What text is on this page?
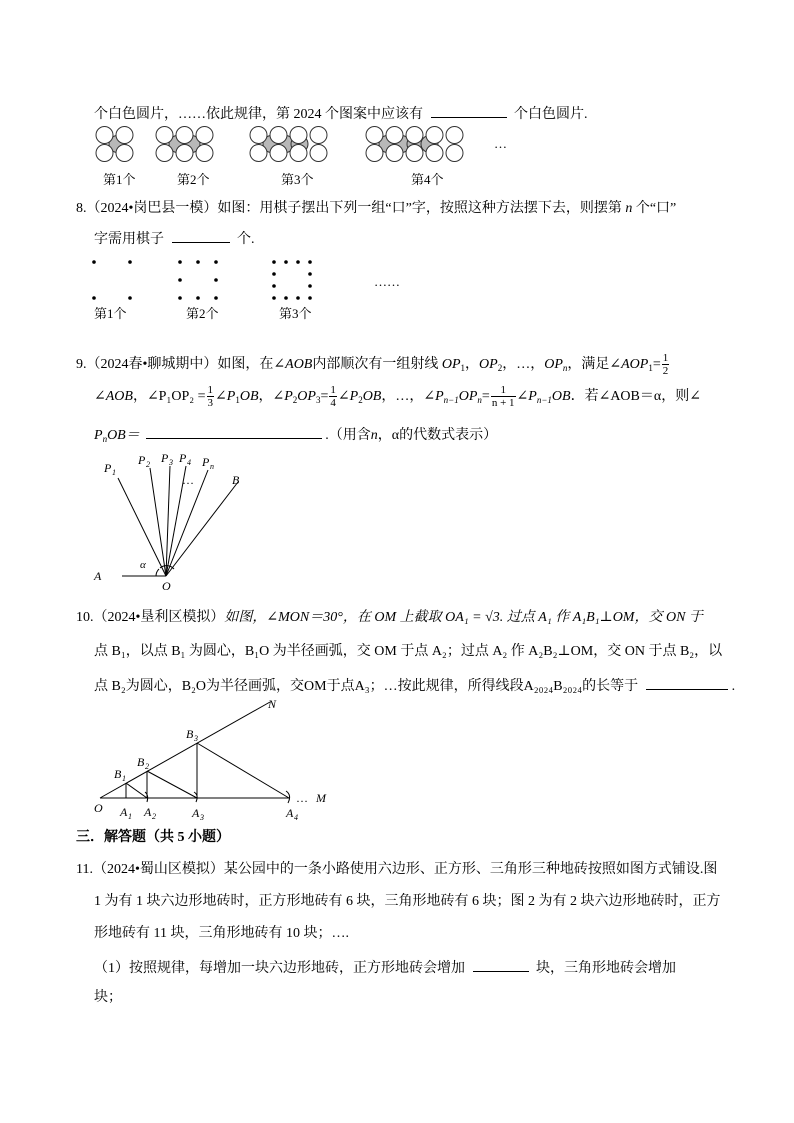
个白色圆片，……依此规律，第 2024 个图案中应该有	个白色圆片.
…
第1个	第2个	第3个	第4个
8.（2024•岗巴县一模）如图：用棋子摆出下列一组“口”字，按照这种方法摆下去，则摆第 n 个“口”
字需用棋子	个.
……
第1个	第2个	第3个
9.（2024春•聊城期中）如图，在∠AOB内部顺次有一组射线 $OP_1$，$OP_2$，…，$OP_n$，满足$\angle AOP_1= \frac{1}{2}$
∠AOB，∠P₁OP₂ = $\frac{1}{3}$ $\angle P_1OB$，$\angle P_2OP_3= \frac{1}{4}$ $\angle P_2OB$，…，$\angle P_{n-1}OP_n= \frac{1}{n + 1}$ $\angle P_{n-1}OB$．若∠AOB＝α，则∠
$P_nOB=$	.（用含n，α的代数式表示）
P 1
P 2 P 3 P 4 P n
B
A
O
α
…
10.（2024•垦利区模拟）如图，∠MON＝30°，在 OM 上截取 OA₁ = √3. 过点 A₁ 作 A₁B₁⊥OM，交 ON 于
点 B₁，以点 B₁ 为圆心，B₁O 为半径画弧，交 OM 于点 A₂；过点 A₂ 作 A₂B₂⊥OM，交 ON 于点 B₂，以
点 B₂为圆心，B₂O为半径画弧，交OM于点A₃；…按此规律，所得线段A₂₀₂₄B₂₀₂₄的长等于	.
N
M
O
B 1
B 2
B 3
A 1 A 2	A 3	A 4
…
三．解答题（共 5 小题）
11.（2024•蜀山区模拟）某公园中的一条小路使用六边形、正方形、三角形三种地砖按照如图方式铺设.图
1 为有 1 块六边形地砖时，正方形地砖有 6 块，三角形地砖有 6 块；图 2 为有 2 块六边形地砖时，正方
形地砖有 11 块，三角形地砖有 10 块；….
（1）按照规律，每增加一块六边形地砖，正方形地砖会增加	块，三角形地砖会增加
块；
